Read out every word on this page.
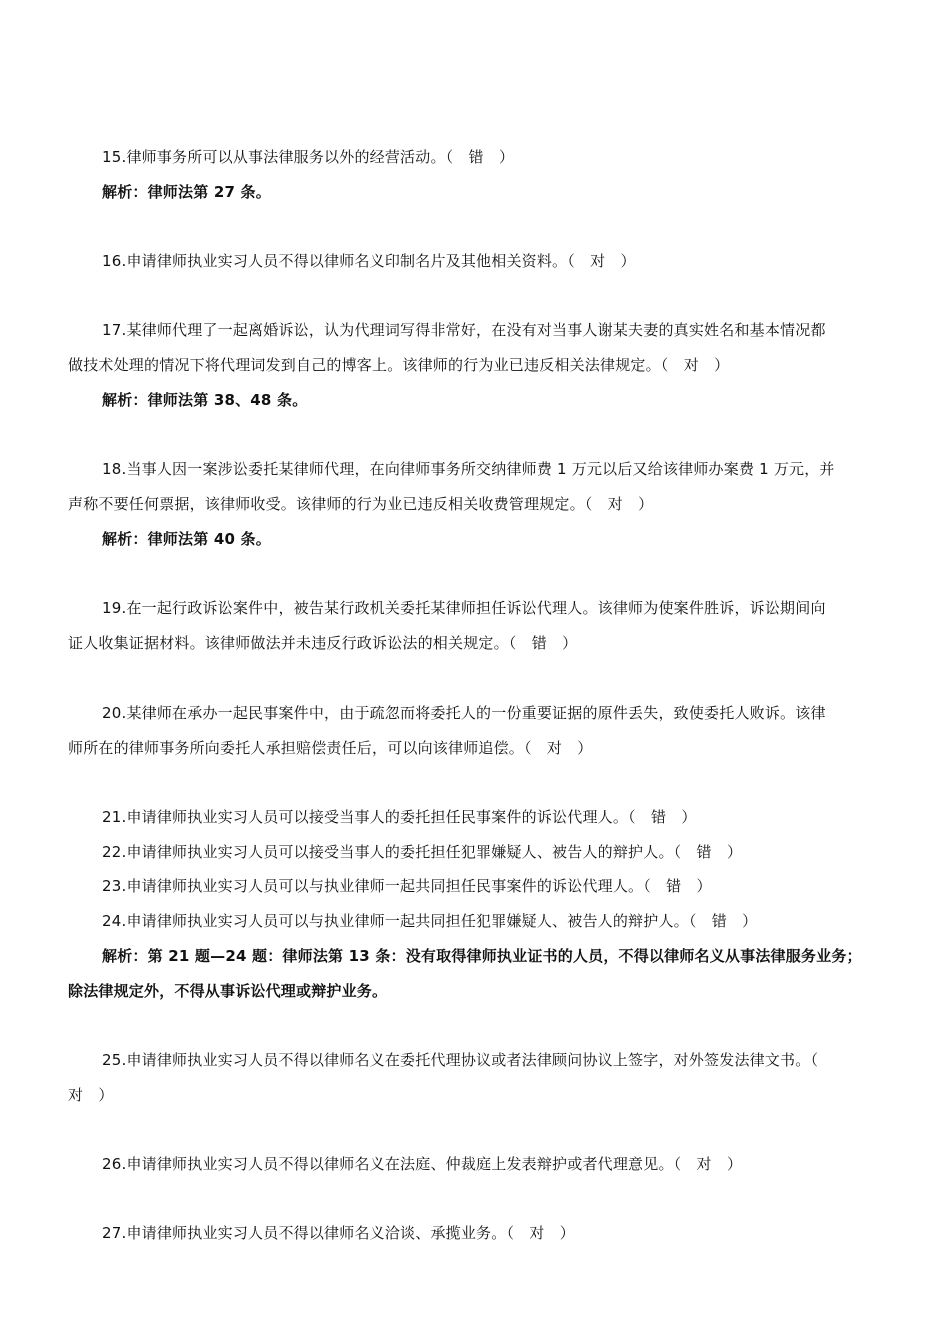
15.律师事务所可以从事法律服务以外的经营活动。（　错　）
解析：律师法第 27 条。
16.申请律师执业实习人员不得以律师名义印制名片及其他相关资料。（　对　）
17.某律师代理了一起离婚诉讼，认为代理词写得非常好，在没有对当事人谢某夫妻的真实姓名和基本情况都
做技术处理的情况下将代理词发到自己的博客上。该律师的行为业已违反相关法律规定。（　对　）
解析：律师法第 38、48 条。
18.当事人因一案涉讼委托某律师代理，在向律师事务所交纳律师费 1 万元以后又给该律师办案费 1 万元，并
声称不要任何票据，该律师收受。该律师的行为业已违反相关收费管理规定。（　对　）
解析：律师法第 40 条。
19.在一起行政诉讼案件中，被告某行政机关委托某律师担任诉讼代理人。该律师为使案件胜诉，诉讼期间向
证人收集证据材料。该律师做法并未违反行政诉讼法的相关规定。（　错　）
20.某律师在承办一起民事案件中，由于疏忽而将委托人的一份重要证据的原件丢失，致使委托人败诉。该律
师所在的律师事务所向委托人承担赔偿责任后，可以向该律师追偿。（　对　）
21.申请律师执业实习人员可以接受当事人的委托担任民事案件的诉讼代理人。（　错　）
22.申请律师执业实习人员可以接受当事人的委托担任犯罪嫌疑人、被告人的辩护人。（　错　）
23.申请律师执业实习人员可以与执业律师一起共同担任民事案件的诉讼代理人。（　错　）
24.申请律师执业实习人员可以与执业律师一起共同担任犯罪嫌疑人、被告人的辩护人。（　错　）
解析：第 21 题—24 题：律师法第 13 条：没有取得律师执业证书的人员，不得以律师名义从事法律服务业务；
除法律规定外，不得从事诉讼代理或辩护业务。
25.申请律师执业实习人员不得以律师名义在委托代理协议或者法律顾问协议上签字，对外签发法律文书。（
对　）
26.申请律师执业实习人员不得以律师名义在法庭、仲裁庭上发表辩护或者代理意见。（　对　）
27.申请律师执业实习人员不得以律师名义洽谈、承揽业务。（　对　）
